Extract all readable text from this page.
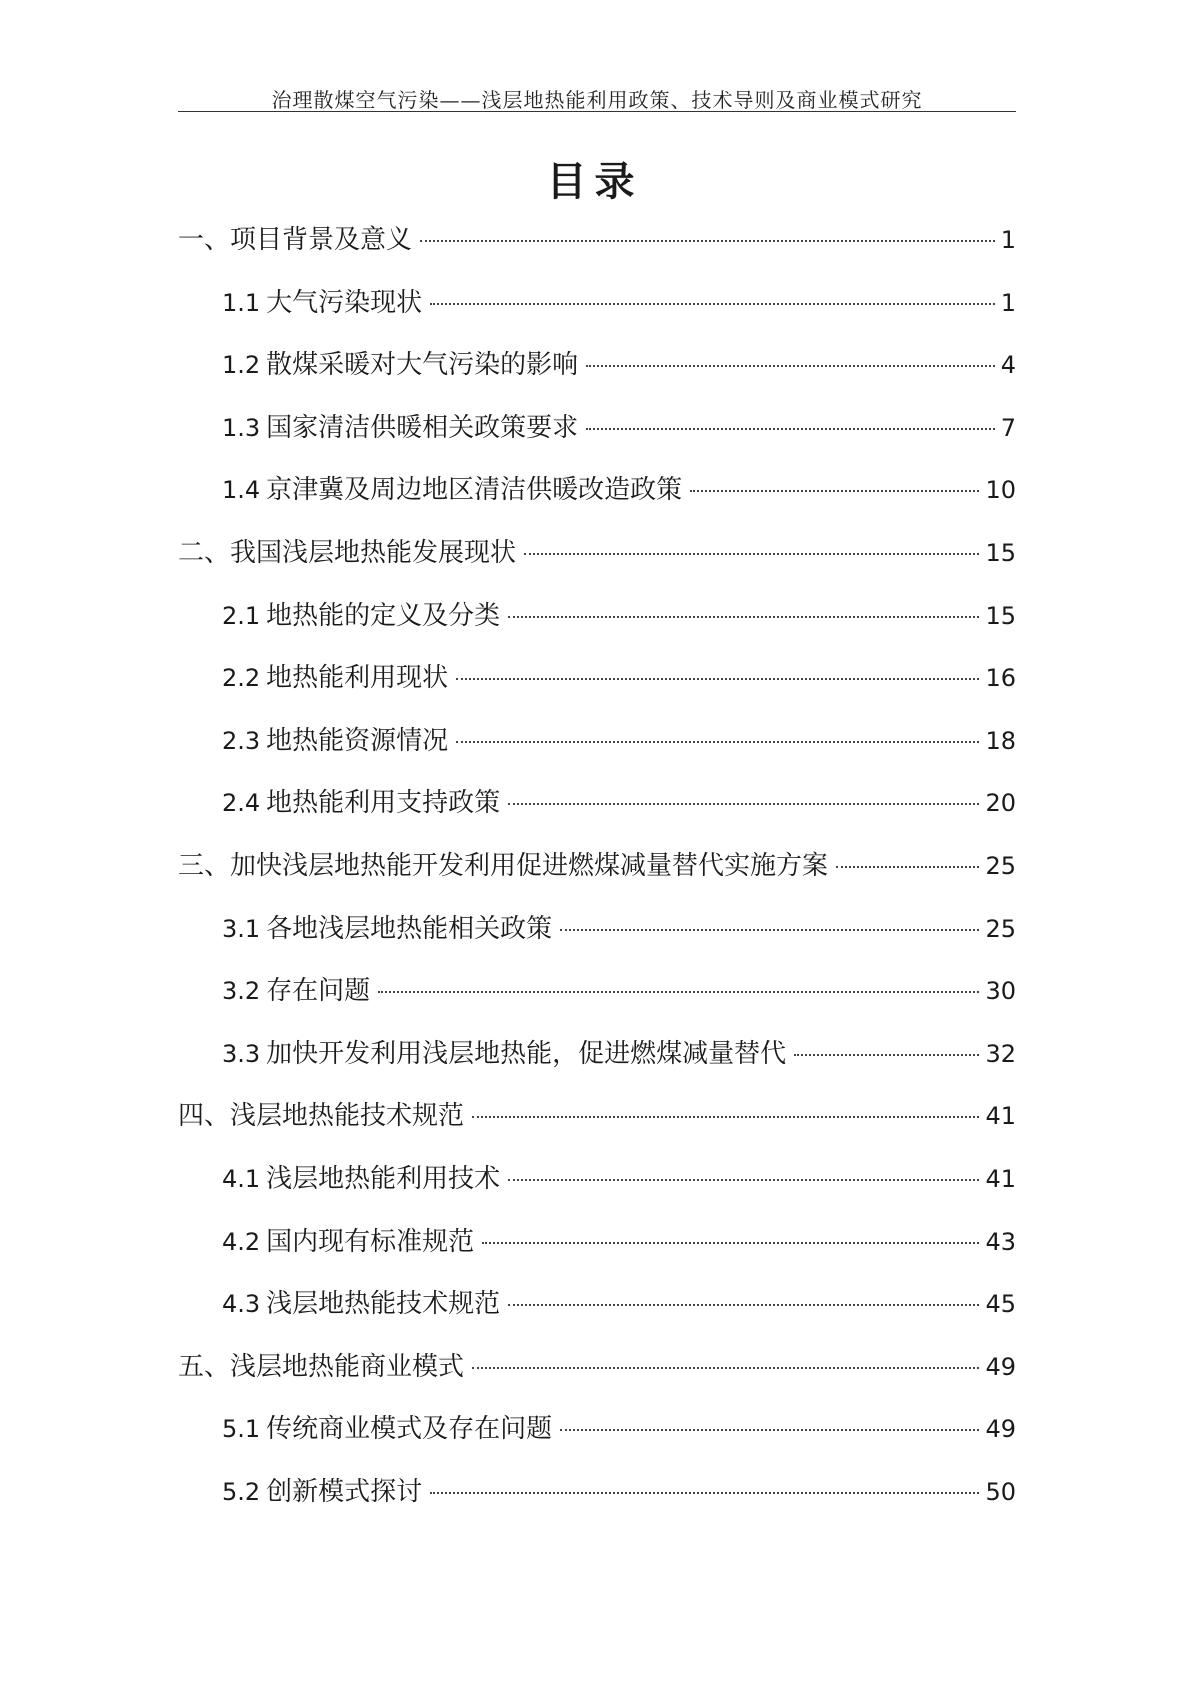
治理散煤空气污染——浅层地热能利用政策、技术导则及商业模式研究
目录
一、项目背景及意义	1
1.1 大气污染现状	1
1.2 散煤采暖对大气污染的影响	4
1.3 国家清洁供暖相关政策要求	7
1.4 京津冀及周边地区清洁供暖改造政策	10
二、我国浅层地热能发展现状	15
2.1 地热能的定义及分类	15
2.2 地热能利用现状	16
2.3 地热能资源情况	18
2.4 地热能利用支持政策	20
三、加快浅层地热能开发利用促进燃煤减量替代实施方案	25
3.1 各地浅层地热能相关政策	25
3.2 存在问题	30
3.3 加快开发利用浅层地热能，促进燃煤减量替代	32
四、浅层地热能技术规范	41
4.1 浅层地热能利用技术	41
4.2 国内现有标准规范	43
4.3 浅层地热能技术规范	45
五、浅层地热能商业模式	49
5.1 传统商业模式及存在问题	49
5.2 创新模式探讨	50
